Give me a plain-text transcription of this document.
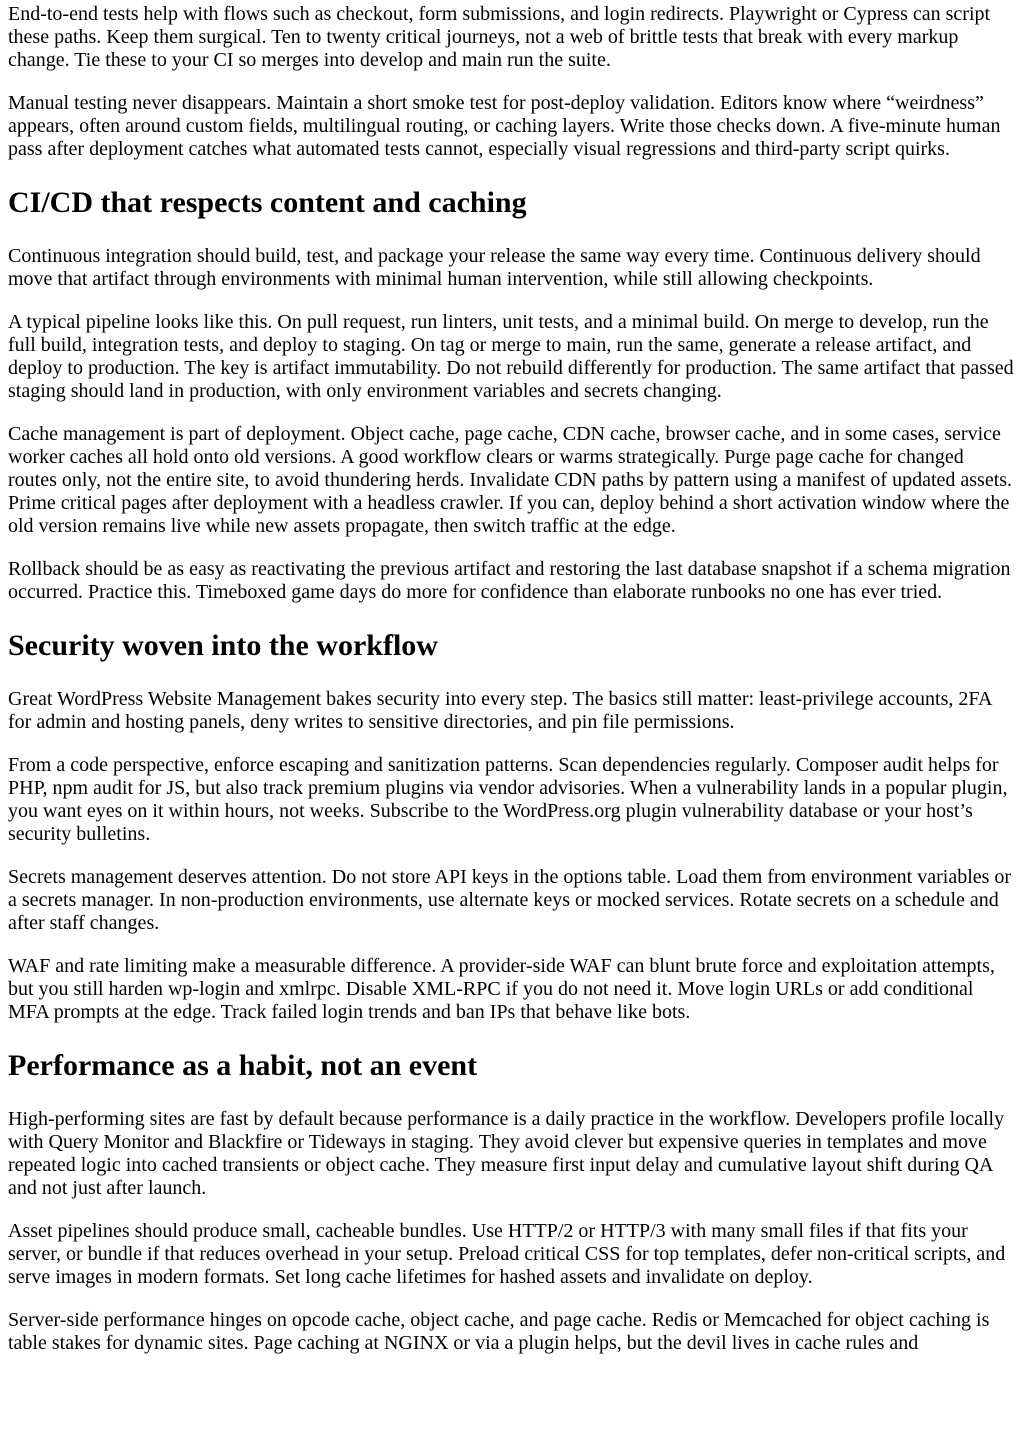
End-to-end tests help with flows such as checkout, form submissions, and login redirects. Playwright or Cypress can script these paths. Keep them surgical. Ten to twenty critical journeys, not a web of brittle tests that break with every markup change. Tie these to your CI so merges into develop and main run the suite.

Manual testing never disappears. Maintain a short smoke test for post-deploy validation. Editors know where “weirdness” appears, often around custom fields, multilingual routing, or caching layers. Write those checks down. A five-minute human pass after deployment catches what automated tests cannot, especially visual regressions and third-party script quirks.

CI/CD that respects content and caching

Continuous integration should build, test, and package your release the same way every time. Continuous delivery should move that artifact through environments with minimal human intervention, while still allowing checkpoints.

A typical pipeline looks like this. On pull request, run linters, unit tests, and a minimal build. On merge to develop, run the full build, integration tests, and deploy to staging. On tag or merge to main, run the same, generate a release artifact, and deploy to production. The key is artifact immutability. Do not rebuild differently for production. The same artifact that passed staging should land in production, with only environment variables and secrets changing.

Cache management is part of deployment. Object cache, page cache, CDN cache, browser cache, and in some cases, service worker caches all hold onto old versions. A good workflow clears or warms strategically. Purge page cache for changed routes only, not the entire site, to avoid thundering herds. Invalidate CDN paths by pattern using a manifest of updated assets. Prime critical pages after deployment with a headless crawler. If you can, deploy behind a short activation window where the old version remains live while new assets propagate, then switch traffic at the edge.

Rollback should be as easy as reactivating the previous artifact and restoring the last database snapshot if a schema migration occurred. Practice this. Timeboxed game days do more for confidence than elaborate runbooks no one has ever tried.

Security woven into the workflow

Great WordPress Website Management bakes security into every step. The basics still matter: least-privilege accounts, 2FA for admin and hosting panels, deny writes to sensitive directories, and pin file permissions.

From a code perspective, enforce escaping and sanitization patterns. Scan dependencies regularly. Composer audit helps for PHP, npm audit for JS, but also track premium plugins via vendor advisories. When a vulnerability lands in a popular plugin, you want eyes on it within hours, not weeks. Subscribe to the WordPress.org plugin vulnerability database or your host’s security bulletins.

Secrets management deserves attention. Do not store API keys in the options table. Load them from environment variables or a secrets manager. In non-production environments, use alternate keys or mocked services. Rotate secrets on a schedule and after staff changes.

WAF and rate limiting make a measurable difference. A provider-side WAF can blunt brute force and exploitation attempts, but you still harden wp-login and xmlrpc. Disable XML-RPC if you do not need it. Move login URLs or add conditional MFA prompts at the edge. Track failed login trends and ban IPs that behave like bots.

Performance as a habit, not an event

High-performing sites are fast by default because performance is a daily practice in the workflow. Developers profile locally with Query Monitor and Blackfire or Tideways in staging. They avoid clever but expensive queries in templates and move repeated logic into cached transients or object cache. They measure first input delay and cumulative layout shift during QA and not just after launch.

Asset pipelines should produce small, cacheable bundles. Use HTTP/2 or HTTP/3 with many small files if that fits your server, or bundle if that reduces overhead in your setup. Preload critical CSS for top templates, defer non-critical scripts, and serve images in modern formats. Set long cache lifetimes for hashed assets and invalidate on deploy.

Server-side performance hinges on opcode cache, object cache, and page cache. Redis or Memcached for object caching is table stakes for dynamic sites. Page caching at NGINX or via a plugin helps, but the devil lives in cache rules and
